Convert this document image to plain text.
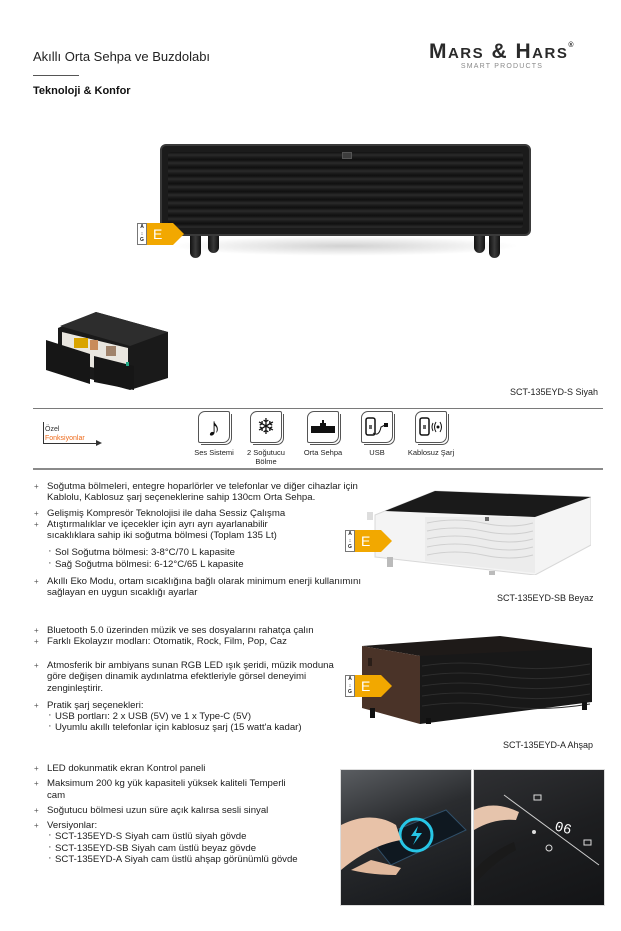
Akıllı Orta Sehpa ve Buzdolabı
Teknoloji & Konfor
Mars & Hars®
SMART PRODUCTS
A
↕
G E
SCT-135EYD-S Siyah
Özel
Fonksiyonlar	♪
Ses Sistemi
❄
2 Soğutucu Bölme
Orta Sehpa	USB	Kablosuz Şarj

+ Soğutma bölmeleri, entegre hoparlörler ve telefonlar ve diğer cihazlar için Kablolu, Kablosuz şarj seçeneklerine sahip 130cm Orta Sehpa.

+ Gelişmiş Kompresör Teknolojisi ile daha Sessiz Çalışma

+ Atıştırmalıklar ve içecekler için ayrı ayrı ayarlanabilir sıcaklıklara sahip iki soğutma bölmesi (Toplam 135 Lt)

· Sol Soğutma bölmesi: 3-8°C/70 L kapasite

· Sağ Soğutma bölmesi: 6-12°C/65 L kapasite

+ Akıllı Eko Modu, ortam sıcaklığına bağlı olarak minimum enerji kullanımını sağlayan en uygun sıcaklığı ayarlar

+ Bluetooth 5.0 üzerinden müzik ve ses dosyalarını rahatça çalın

+ Farklı Ekolayzır modları: Otomatik, Rock, Film, Pop, Caz

+ Atmosferik bir ambiyans sunan RGB LED ışık şeridi, müzik moduna göre değişen dinamik aydınlatma efektleriyle görsel deneyimi zenginleştirir.

+ Pratik şarj seçenekleri:

· USB portları: 2 x USB (5V) ve 1 x Type-C (5V)

· Uyumlu akıllı telefonlar için kablosuz şarj (15 watt'a kadar)

+ LED dokunmatik ekran Kontrol paneli

+ Maksimum 200 kg yük kapasiteli yüksek kaliteli Temperli cam

+ Soğutucu bölmesi uzun süre açık kalırsa sesli sinyal

+ Versiyonlar:

· SCT-135EYD-S Siyah cam üstlü siyah gövde

· SCT-135EYD-SB Siyah cam üstlü beyaz gövde

· SCT-135EYD-A Siyah cam üstlü ahşap görünümlü gövde

A
↕
G E
SCT-135EYD-SB Beyaz
A
↕
G E
SCT-135EYD-A Ahşap
06
